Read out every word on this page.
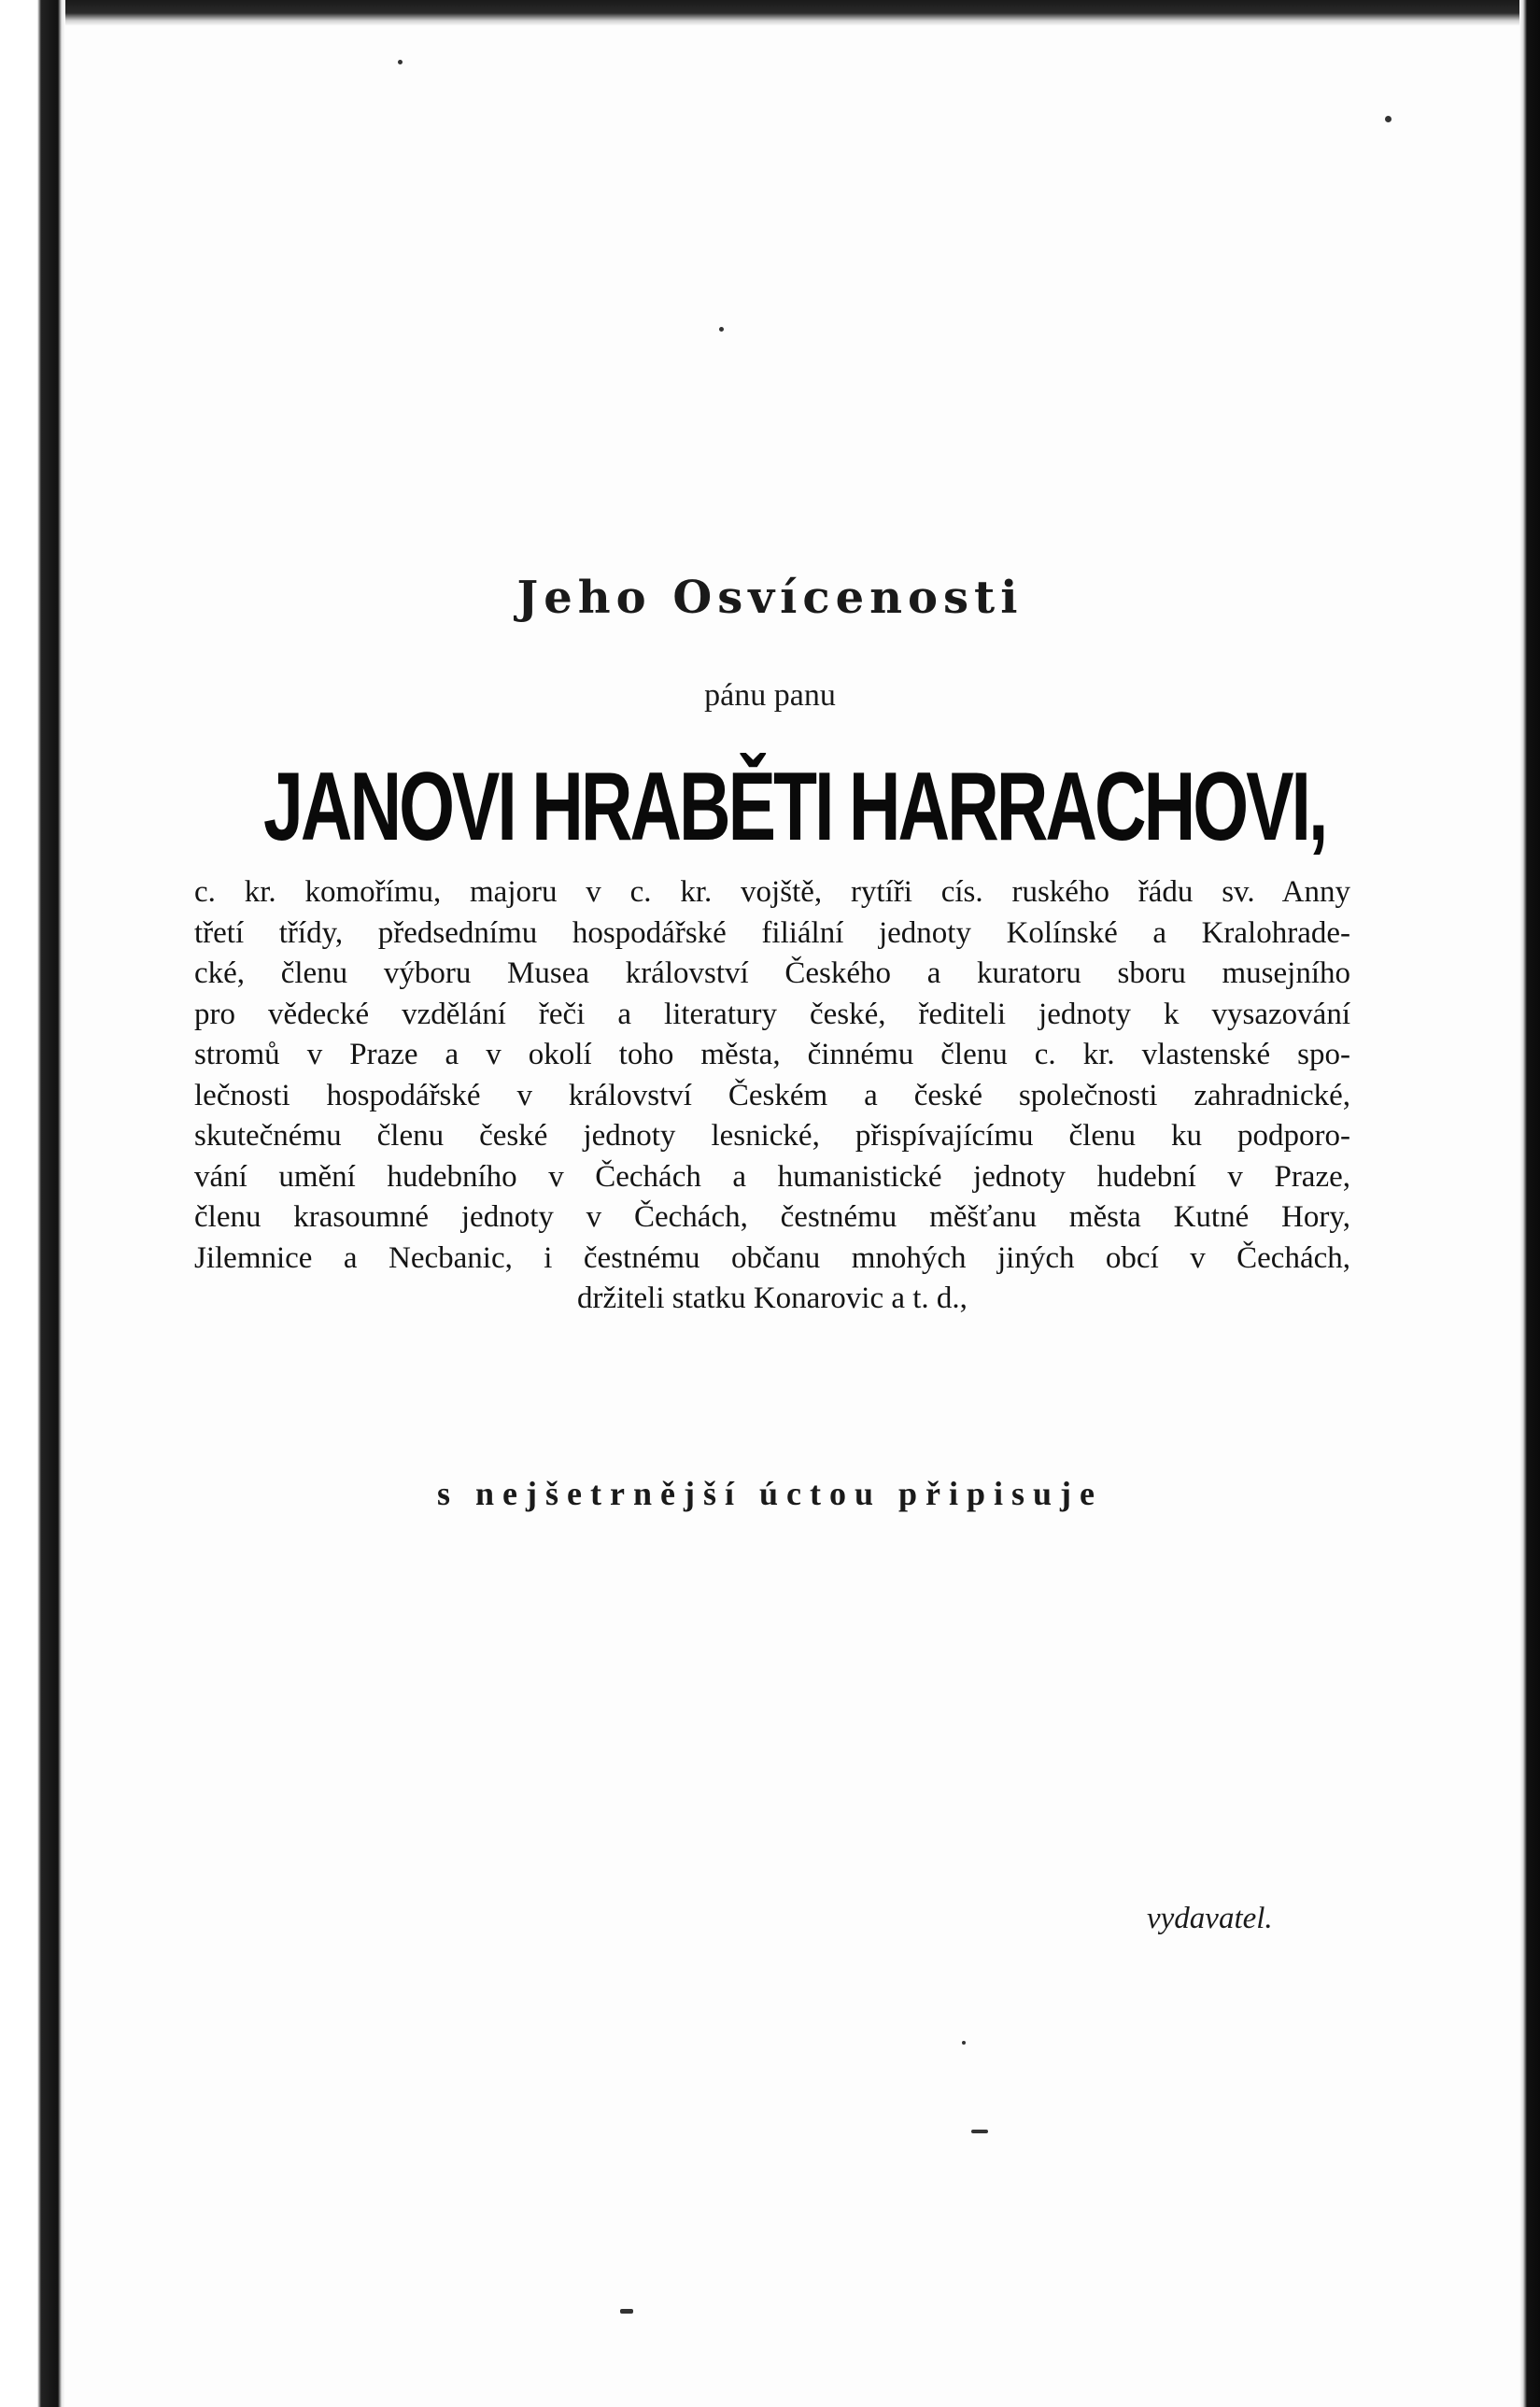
Jeho Osvícenosti
pánu panu
JANOVI HRABĚTI HARRACHOVI,
c. kr. komořímu, majoru v c. kr. vojště, rytíři cís. ruského řádu sv. Anny
třetí třídy, předsednímu hospodářské filiální jednoty Kolínské a Kralohrade-
cké, členu výboru Musea království Českého a kuratoru sboru musejního
pro vědecké vzdělání řeči a literatury české, řediteli jednoty k vysazování
stromů v Praze a v okolí toho města, činnému členu c. kr. vlastenské spo-
lečnosti hospodářské v království Českém a české společnosti zahradnické,
skutečnému členu české jednoty lesnické, přispívajícímu členu ku podporo-
vání umění hudebního v Čechách a humanistické jednoty hudební v Praze,
členu krasoumné jednoty v Čechách, čestnému měšťanu města Kutné Hory,
Jilemnice a Necbanic, i čestnému občanu mnohých jiných obcí v Čechách,
držiteli statku Konarovic a t. d.,
s nejšetrnější úctou připisuje
vydavatel.
